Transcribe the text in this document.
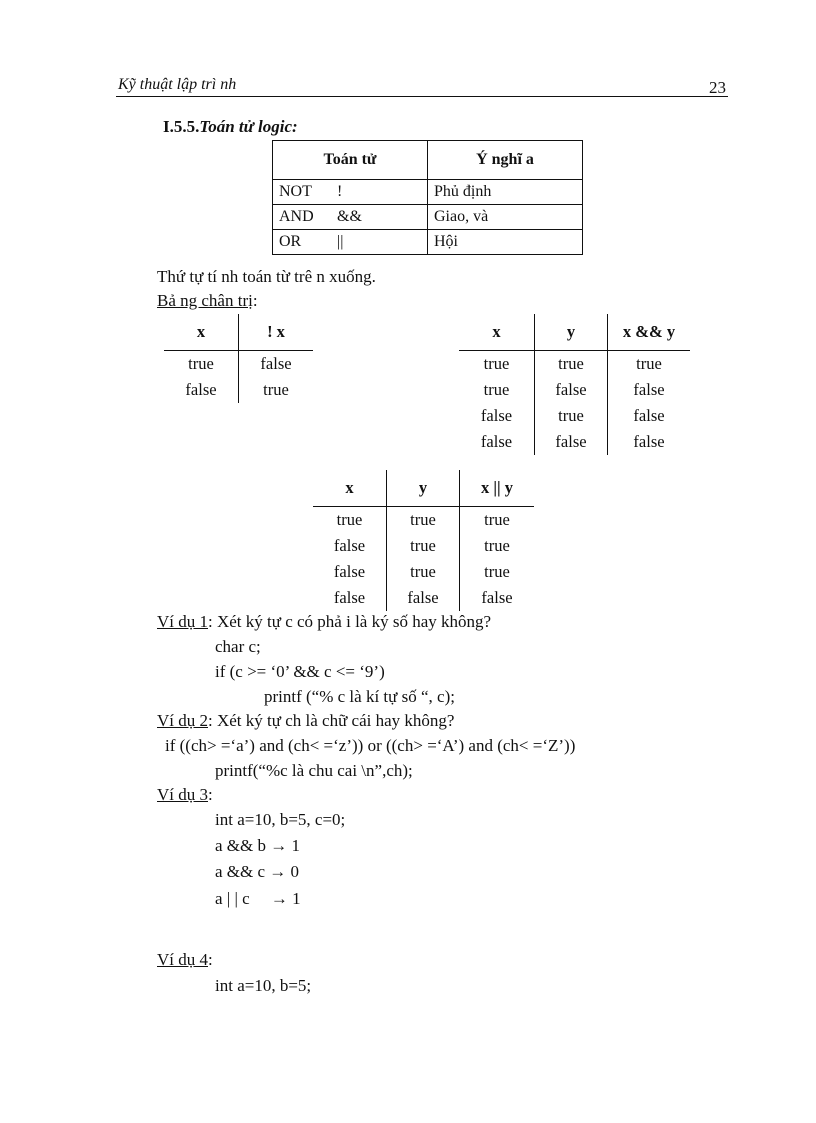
Kỹ thuật lập trì nh	23
I.5.5.Toán tử logic:
Toán tử	Ý nghĩ a
NOT !	Phủ định
AND &&	Giao, và
OR ||	Hội
Thứ tự tí nh toán từ trê n xuống.
Bả ng chân trị:
x	! x
true	false
false	true
x	y	x && y
true	true	true
true	false	false
false	true	false
false	false	false
x	y	x || y
true	true	true
false	true	true
false	true	true
false	false	false
Ví dụ 1: Xét ký tự c có phả i là ký số hay không?
char c;
if (c >= ‘0’ && c <= ‘9’)
printf (“% c là kí tự số “, c);
Ví dụ 2: Xét ký tự ch là chữ cái hay không?
if ((ch> =‘a’) and (ch< =‘z’)) or ((ch> =‘A’) and (ch< =‘Z’))
printf(“%c là chu cai \n”,ch);
Ví dụ 3:
int a=10, b=5, c=0;
a && b → 1
a && c → 0
a | | c     → 1
Ví dụ 4:
int a=10, b=5;
